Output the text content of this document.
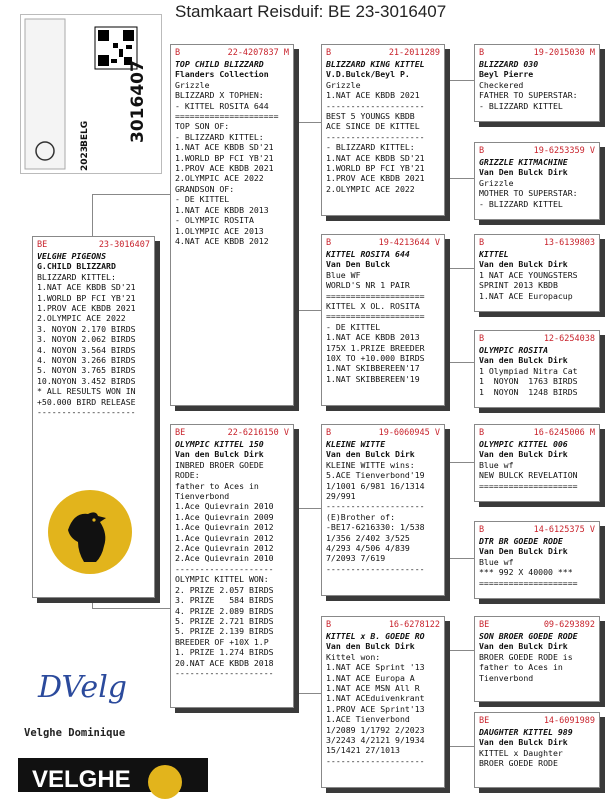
Stamkaart Reisduif: BE 23-3016407
3016407
BELG
2023
BE	23-3016407
VELGHE PIGEONS
G.CHILD BLIZZARD
BLIZZARD KITTEL:
1.NAT ACE KBDB SD'21
1.WORLD BP FCI YB'21
1.PROV ACE KBDB 2021
2.OLYMPIC ACE 2022
3. NOYON 2.170 BIRDS
3. NOYON 2.062 BIRDS
4. NOYON 3.564 BIRDS
4. NOYON 3.266 BIRDS
5. NOYON 3.765 BIRDS
10.NOYON 3.452 BIRDS
* ALL RESULTS WON IN
+50.000 BIRD RELEASE
--------------------
B	22-4207837 M
TOP CHILD BLIZZARD
Flanders Collection
Grizzle
BLIZZARD X TOPHEN:
- KITTEL ROSITA 644
=====================
TOP SON OF:
- BLIZZARD KITTEL:
1.NAT ACE KBDB SD'21
1.WORLD BP FCI YB'21
1.PROV ACE KBDB 2021
2.OLYMPIC ACE 2022
GRANDSON OF:
- DE KITTEL
1.NAT ACE KBDB 2013
- OLYMPIC ROSITA
1.OLYMPIC ACE 2013
4.NAT ACE KBDB 2012
B	21-2011289
BLIZZARD KING KITTEL
V.D.Bulck/Beyl P.
Grizzle
1.NAT ACE KBDB 2021
--------------------
BEST 5 YOUNGS KBDB
ACE SINCE DE KITTEL
--------------------
- BLIZZARD KITTEL:
1.NAT ACE KBDB SD'21
1.WORLD BP FCI YB'21
1.PROV ACE KBDB 2021
2.OLYMPIC ACE 2022
B	19-2015030 M
BLIZZARD 030
Beyl Pierre
Checkered
FATHER TO SUPERSTAR:
- BLIZZARD KITTEL
B	19-6253359 V
GRIZZLE KITMACHINE
Van Den Bulck Dirk
Grizzle
MOTHER TO SUPERSTAR:
- BLIZZARD KITTEL
B	19-4213644 V
KITTEL ROSITA 644
Van Den Bulck
Blue WF
WORLD'S NR 1 PAIR
====================
KITTEL X OL. ROSITA
====================
- DE KITTEL
1.NAT ACE KBDB 2013
175X 1.PRIZE BREEDER
10X TO +10.000 BIRDS
1.NAT SKIBBEREEN'17
1.NAT SKIBBEREEN'19
B	13-6139803
KITTEL
Van den Bulck Dirk
1 NAT ACE YOUNGSTERS
SPRINT 2013 KBDB
1.NAT ACE Europacup
B	12-6254038
OLYMPIC ROSITA
Van den Bulck Dirk
1 Olympiad Nitra Cat
1  NOYON  1763 BIRDS
1  NOYON  1248 BIRDS
BE	22-6216150 V
OLYMPIC KITTEL 150
Van den Bulck Dirk
INBRED BROER GOEDE
RODE:
father to Aces in
Tienverbond
1.Ace Quievrain 2010
1.Ace Quievrain 2009
1.Ace Quievrain 2012
1.Ace Quievrain 2012
2.Ace Quievrain 2012
2.Ace Quievrain 2010
--------------------
OLYMPIC KITTEL WON:
2. PRIZE 2.057 BIRDS
3. PRIZE   584 BIRDS
4. PRIZE 2.089 BIRDS
5. PRIZE 2.721 BIRDS
5. PRIZE 2.139 BIRDS
BREEDER OF +10X 1.P
1. PRIZE 1.274 BIRDS
20.NAT ACE KBDB 2018
--------------------
B	19-6060945 V
KLEINE WITTE
Van den Bulck Dirk
KLEINE WITTE wins:
5.ACE Tienverbond'19
1/1001 6/981 16/1314
29/991
--------------------
(E)Brother of:
-BE17-6216330: 1/538
1/356 2/402 3/525
4/293 4/506 4/839
7/2093 7/619
--------------------
B	16-6245006 M
OLYMPIC KITTEL 006
Van den Bulck Dirk
Blue wf
NEW BULCK REVELATION
====================
B	14-6125375 V
DTR BR GOEDE RODE
Van Den Bulck Dirk
Blue wf
*** 992 X 40000 ***
====================
B	16-6278122
KITTEL x B. GOEDE RO
Van den Bulck Dirk
Kittel won:
1.NAT ACE Sprint '13
1.NAT ACE Europa A
1.NAT ACE MSN All R
1.NAT ACEduivenkrant
1.PROV ACE Sprint'13
1.ACE Tienverbond
1/2089 1/1792 2/2023
3/2243 4/2121 9/1934
15/1421 27/1013
--------------------
BE	09-6293892
SON BROER GOEDE RODE
Van den Bulck Dirk
BROER GOEDE RODE is
father to Aces in
Tienverbond
BE	14-6091989
DAUGHTER KITTEL 989
Van den Bulck Dirk
KITTEL x Daughter
BROER GOEDE RODE
DVelg
Velghe Dominique
VELGHE
